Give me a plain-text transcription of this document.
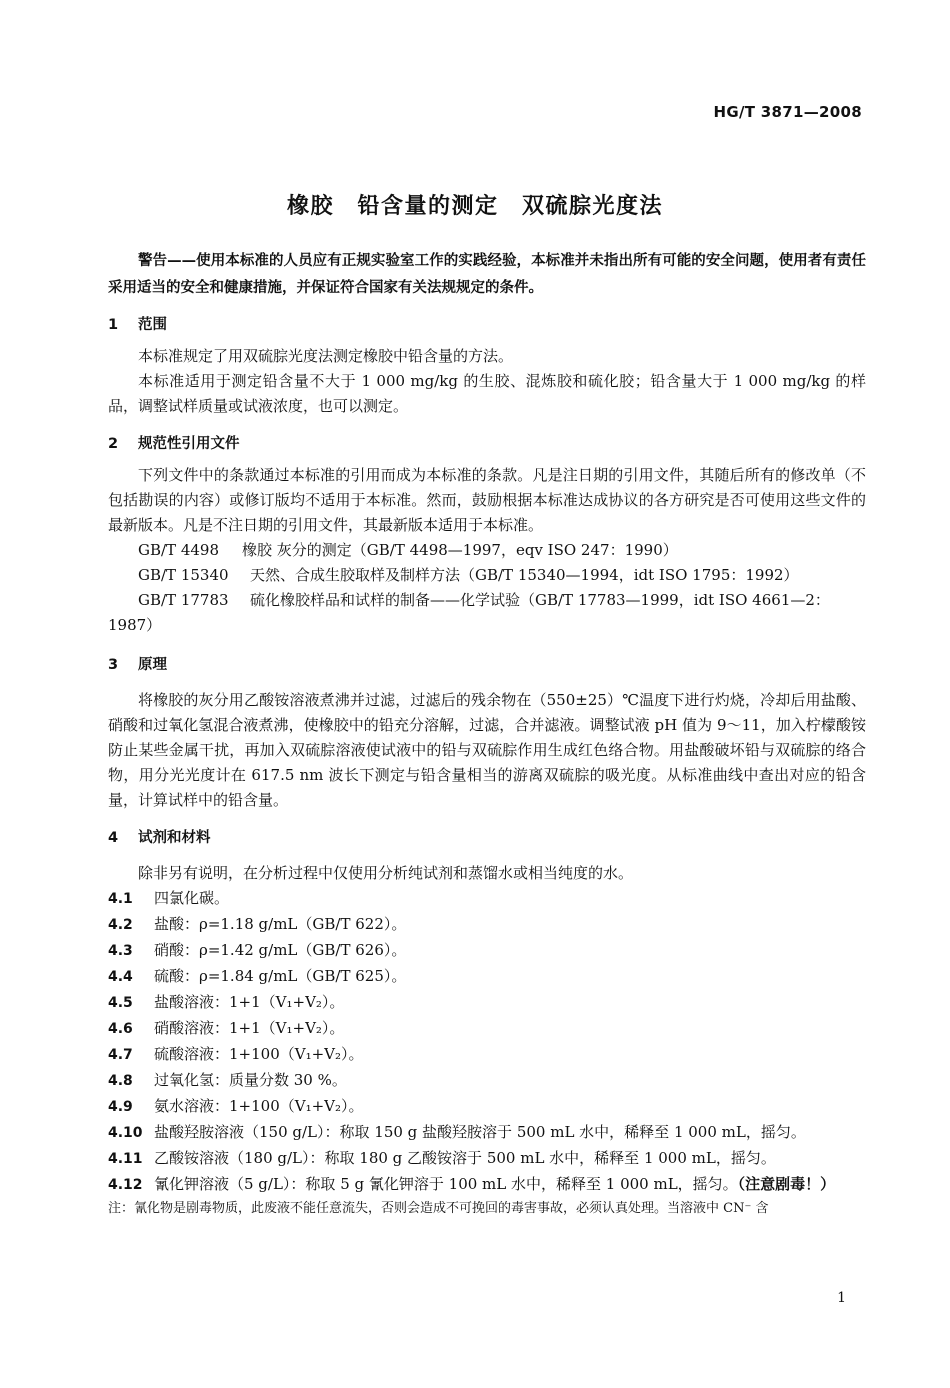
HG/T 3871—2008
橡胶　铅含量的测定　双硫腙光度法

警告——使用本标准的人员应有正规实验室工作的实践经验，本标准并未指出所有可能的安全问题，使用者有责任采用适当的安全和健康措施，并保证符合国家有关法规规定的条件。

1 范围

本标准规定了用双硫腙光度法测定橡胶中铅含量的方法。

本标准适用于测定铅含量不大于 1 000 mg/kg 的生胶、混炼胶和硫化胶；铅含量大于 1 000 mg/kg 的样品，调整试样质量或试液浓度，也可以测定。

2 规范性引用文件

下列文件中的条款通过本标准的引用而成为本标准的条款。凡是注日期的引用文件，其随后所有的修改单（不包括勘误的内容）或修订版均不适用于本标准。然而，鼓励根据本标准达成协议的各方研究是否可使用这些文件的最新版本。凡是不注日期的引用文件，其最新版本适用于本标准。

GB/T 4498 橡胶 灰分的测定（GB/T 4498—1997，eqv ISO 247：1990）

GB/T 15340 天然、合成生胶取样及制样方法（GB/T 15340—1994，idt ISO 1795：1992）

GB/T 17783 硫化橡胶样品和试样的制备——化学试验（GB/T 17783—1999，idt ISO 4661—2：1987）

3 原理

将橡胶的灰分用乙酸铵溶液煮沸并过滤，过滤后的残余物在（550±25）℃温度下进行灼烧，冷却后用盐酸、硝酸和过氧化氢混合液煮沸，使橡胶中的铅充分溶解，过滤，合并滤液。调整试液 pH 值为 9～11，加入柠檬酸铵防止某些金属干扰，再加入双硫腙溶液使试液中的铅与双硫腙作用生成红色络合物。用盐酸破坏铅与双硫腙的络合物，用分光光度计在 617.5 nm 波长下测定与铅含量相当的游离双硫腙的吸光度。从标准曲线中查出对应的铅含量，计算试样中的铅含量。

4 试剂和材料

除非另有说明，在分析过程中仅使用分析纯试剂和蒸馏水或相当纯度的水。

4.1 四氯化碳。

4.2 盐酸：ρ=1.18 g/mL（GB/T 622）。

4.3 硝酸：ρ=1.42 g/mL（GB/T 626）。

4.4 硫酸：ρ=1.84 g/mL（GB/T 625）。

4.5 盐酸溶液：1+1（V₁+V₂）。

4.6 硝酸溶液：1+1（V₁+V₂）。

4.7 硫酸溶液：1+100（V₁+V₂）。

4.8 过氧化氢：质量分数 30 %。

4.9 氨水溶液：1+100（V₁+V₂）。

4.10 盐酸羟胺溶液（150 g/L）：称取 150 g 盐酸羟胺溶于 500 mL 水中，稀释至 1 000 mL，摇匀。

4.11 乙酸铵溶液（180 g/L）：称取 180 g 乙酸铵溶于 500 mL 水中，稀释至 1 000 mL，摇匀。

4.12 氰化钾溶液（5 g/L）：称取 5 g 氰化钾溶于 100 mL 水中，稀释至 1 000 mL，摇匀。（注意剧毒！）

注：氰化物是剧毒物质，此废液不能任意流失，否则会造成不可挽回的毒害事故，必须认真处理。当溶液中 CN⁻ 含

1
